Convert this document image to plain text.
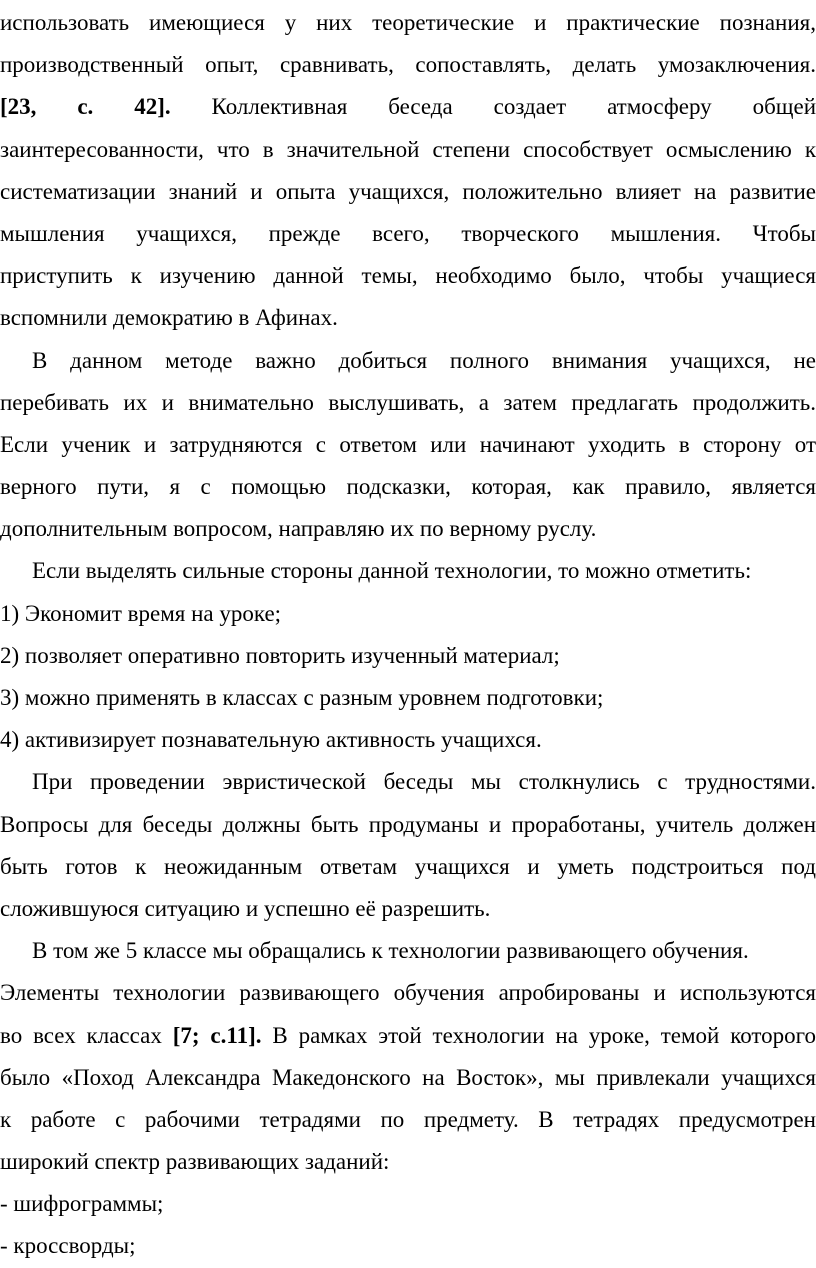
использовать имеющиеся у них теоретические и практические познания,
производственный опыт, сравнивать, сопоставлять, делать умозаключения.
[23, с. 42]. Коллективная беседа создает атмосферу общей
заинтересованности, что в значительной степени способствует осмыслению к
систематизации знаний и опыта учащихся, положительно влияет на развитие
мышления учащихся, прежде всего, творческого мышления. Чтобы
приступить к изучению данной темы, необходимо было, чтобы учащиеся
вспомнили демократию в Афинах.
В данном методе важно добиться полного внимания учащихся, не
перебивать их и внимательно выслушивать, а затем предлагать продолжить.
Если ученик и затрудняются с ответом или начинают уходить в сторону от
верного пути, я с помощью подсказки, которая, как правило, является
дополнительным вопросом, направляю их по верному руслу.
Если выделять сильные стороны данной технологии, то можно отметить:
1) Экономит время на уроке;
2) позволяет оперативно повторить изученный материал;
3) можно применять в классах с разным уровнем подготовки;
4) активизирует познавательную активность учащихся.
При проведении эвристической беседы мы столкнулись с трудностями.
Вопросы для беседы должны быть продуманы и проработаны, учитель должен
быть готов к неожиданным ответам учащихся и уметь подстроиться под
сложившуюся ситуацию и успешно её разрешить.
В том же 5 классе мы обращались к технологии развивающего обучения.
Элементы технологии развивающего обучения апробированы и используются
во всех классах [7; с.11]. В рамках этой технологии на уроке, темой которого
было «Поход Александра Македонского на Восток», мы привлекали учащихся
к работе с рабочими тетрадями по предмету. В тетрадях предусмотрен
широкий спектр развивающих заданий:
- шифрограммы;
- кроссворды;
